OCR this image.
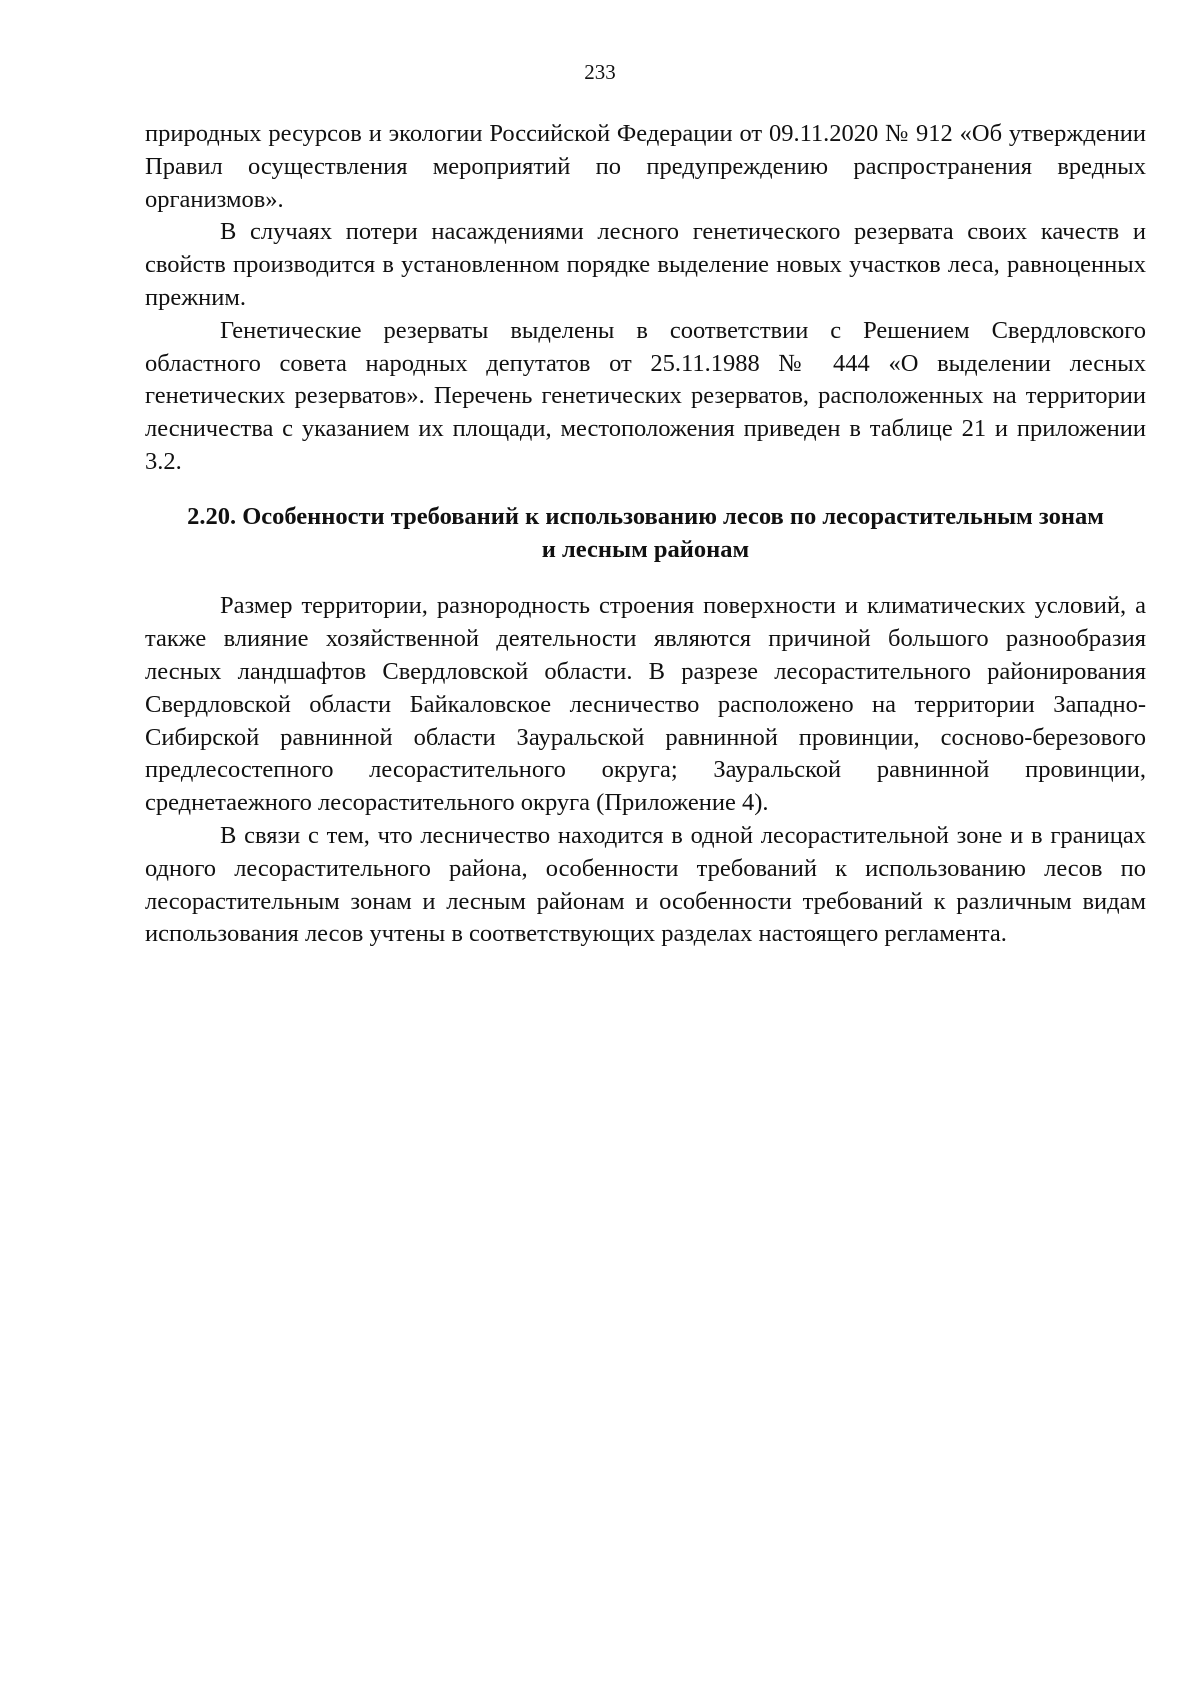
233

природных ресурсов и экологии Российской Федерации от 09.11.2020 № 912 «Об утверждении Правил осуществления мероприятий по предупреждению распространения вредных организмов».

В случаях потери насаждениями лесного генетического резервата своих качеств и свойств производится в установленном порядке выделение новых участков леса, равноценных прежним.

Генетические резерваты выделены в соответствии с Решением Свердловского областного совета народных депутатов от 25.11.1988 № 444 «О выделении лесных генетических резерватов». Перечень генетических резерватов, расположенных на территории лесничества с указанием их площади, местоположения приведен в таблице 21 и приложении 3.2.

2.20. Особенности требований к использованию лесов по лесорастительным зонам
и лесным районам

Размер территории, разнородность строения поверхности и климатических условий, а также влияние хозяйственной деятельности являются причиной большого разнообразия лесных ландшафтов Свердловской области. В разрезе лесорастительного районирования Свердловской области Байкаловское лесничество расположено на территории Западно-Сибирской равнинной области Зауральской равнинной провинции, сосново-березового предлесостепного лесорастительного округа; Зауральской равнинной провинции, среднетаежного лесорастительного округа (Приложение 4).

В связи с тем, что лесничество находится в одной лесорастительной зоне и в границах одного лесорастительного района, особенности требований к использованию лесов по лесорастительным зонам и лесным районам и особенности требований к различным видам использования лесов учтены в соответствующих разделах настоящего регламента.
